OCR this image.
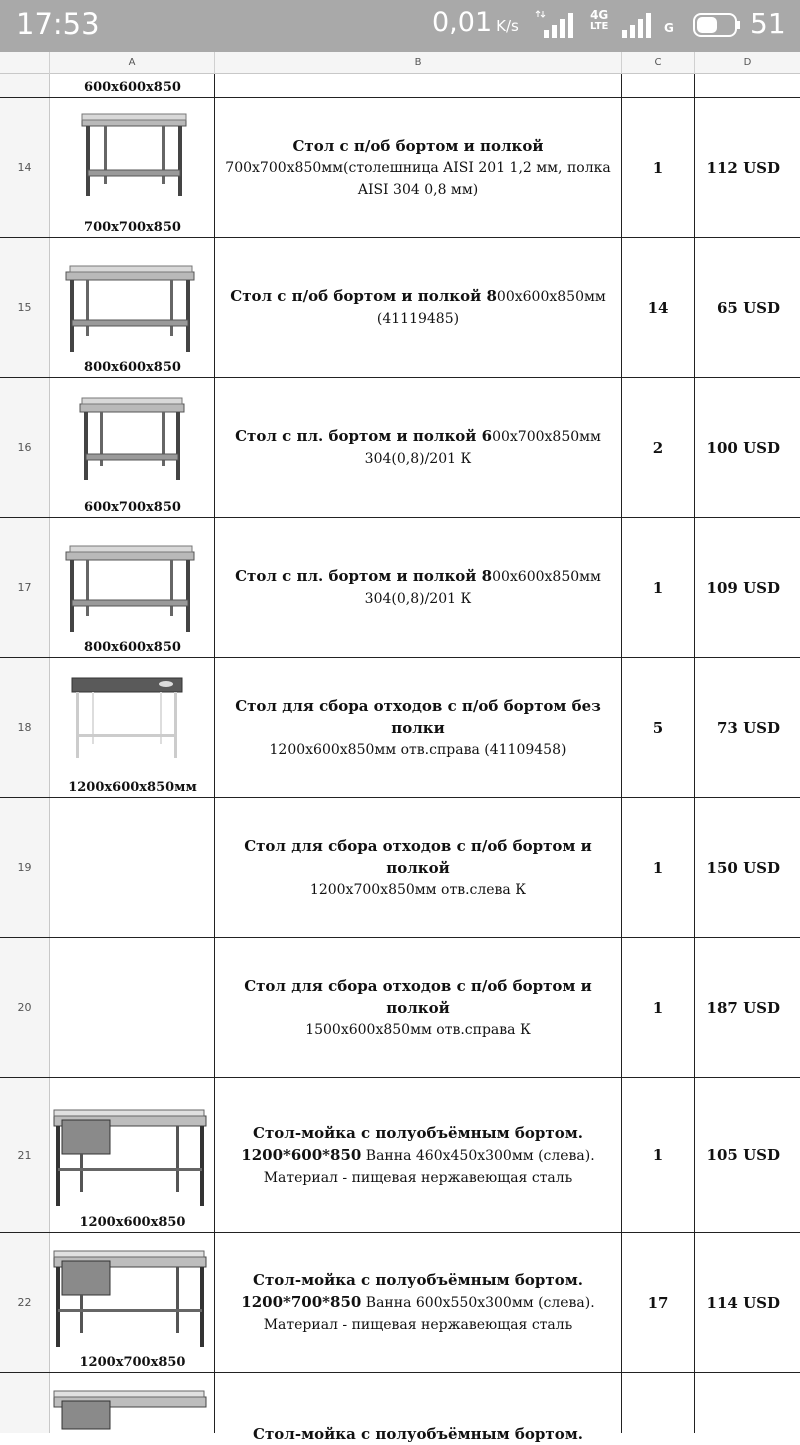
17:53	0,01 K/s
4G
LTE	G	51
A	B	C	D
600x600x850
14
700x700x850
Стол с п/об бортом и полкой
700x700x850мм(столешница AISI 201 1,2 мм, полка AISI 304 0,8 мм)
1	112 USD
15
800x600x850
Стол с п/об бортом и полкой 800x600x850мм (41119485)
14	65 USD
16
600x700x850
Стол с пл. бортом и полкой 600x700x850мм 304(0,8)/201 К
2	100 USD
17
800x600x850
Стол с пл. бортом и полкой 800x600x850мм 304(0,8)/201 К
1	109 USD
18
1200x600x850мм
Стол для сбора отходов с п/об бортом без полки
1200x600x850мм отв.справа (41109458)
5	73 USD
19
Стол для сбора отходов с п/об бортом и полкой
1200x700x850мм отв.слева К
1	150 USD
20
Стол для сбора отходов с п/об бортом и полкой
1500x600x850мм отв.справа К
1	187 USD
21
1200x600x850
Стол-мойка с полуобъёмным бортом.
1200*600*850 Ванна 460x450x300мм (слева). Материал - пищевая нержавеющая сталь
1	105 USD
22
1200x700x850
Стол-мойка с полуобъёмным бортом.
1200*700*850 Ванна 600x550x300мм (слева). Материал - пищевая нержавеющая сталь
17	114 USD
Стол-мойка с полуобъёмным бортом.
